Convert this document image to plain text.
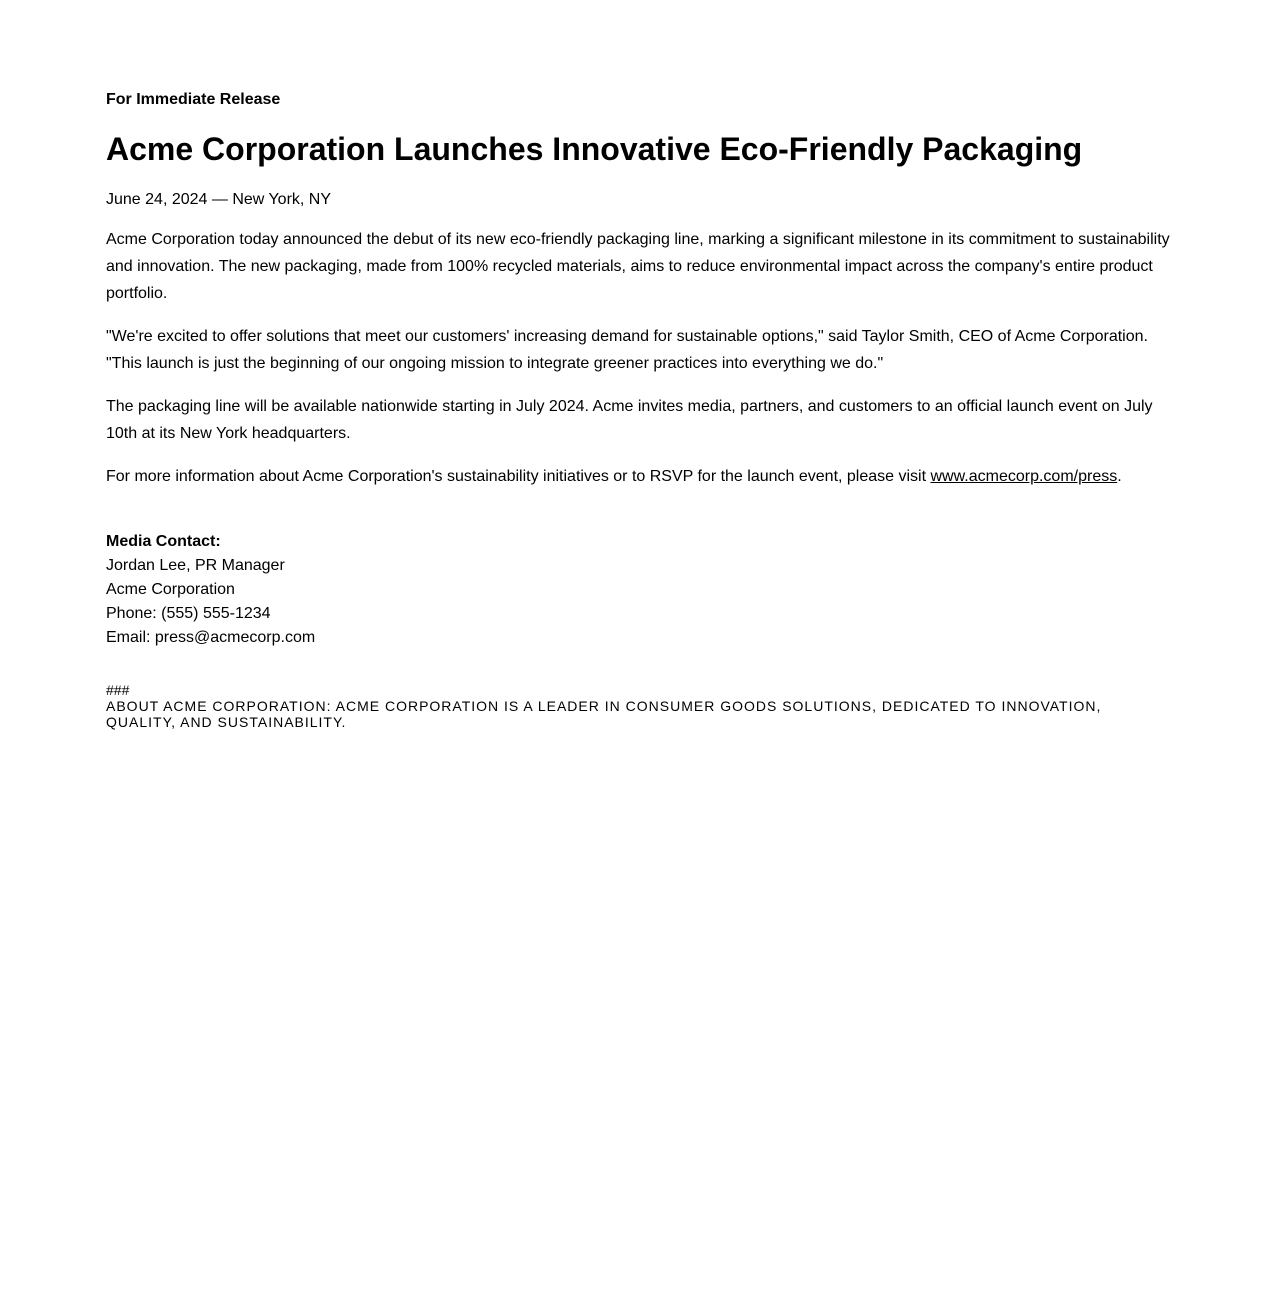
For Immediate Release
Acme Corporation Launches Innovative Eco-Friendly Packaging
June 24, 2024 — New York, NY

Acme Corporation today announced the debut of its new eco-friendly packaging line, marking a significant milestone in its commitment to sustainability and innovation. The new packaging, made from 100% recycled materials, aims to reduce environmental impact across the company's entire product portfolio.

"We're excited to offer solutions that meet our customers' increasing demand for sustainable options," said Taylor Smith, CEO of Acme Corporation. "This launch is just the beginning of our ongoing mission to integrate greener practices into everything we do."

The packaging line will be available nationwide starting in July 2024. Acme invites media, partners, and customers to an official launch event on July 10th at its New York headquarters.

For more information about Acme Corporation's sustainability initiatives or to RSVP for the launch event, please visit www.acmecorp.com/press.

Media Contact:
Jordan Lee, PR Manager
Acme Corporation
Phone: (555) 555-1234
Email: press@acmecorp.com
###
ABOUT ACME CORPORATION: ACME CORPORATION IS A LEADER IN CONSUMER GOODS SOLUTIONS, DEDICATED TO INNOVATION, QUALITY, AND SUSTAINABILITY.
